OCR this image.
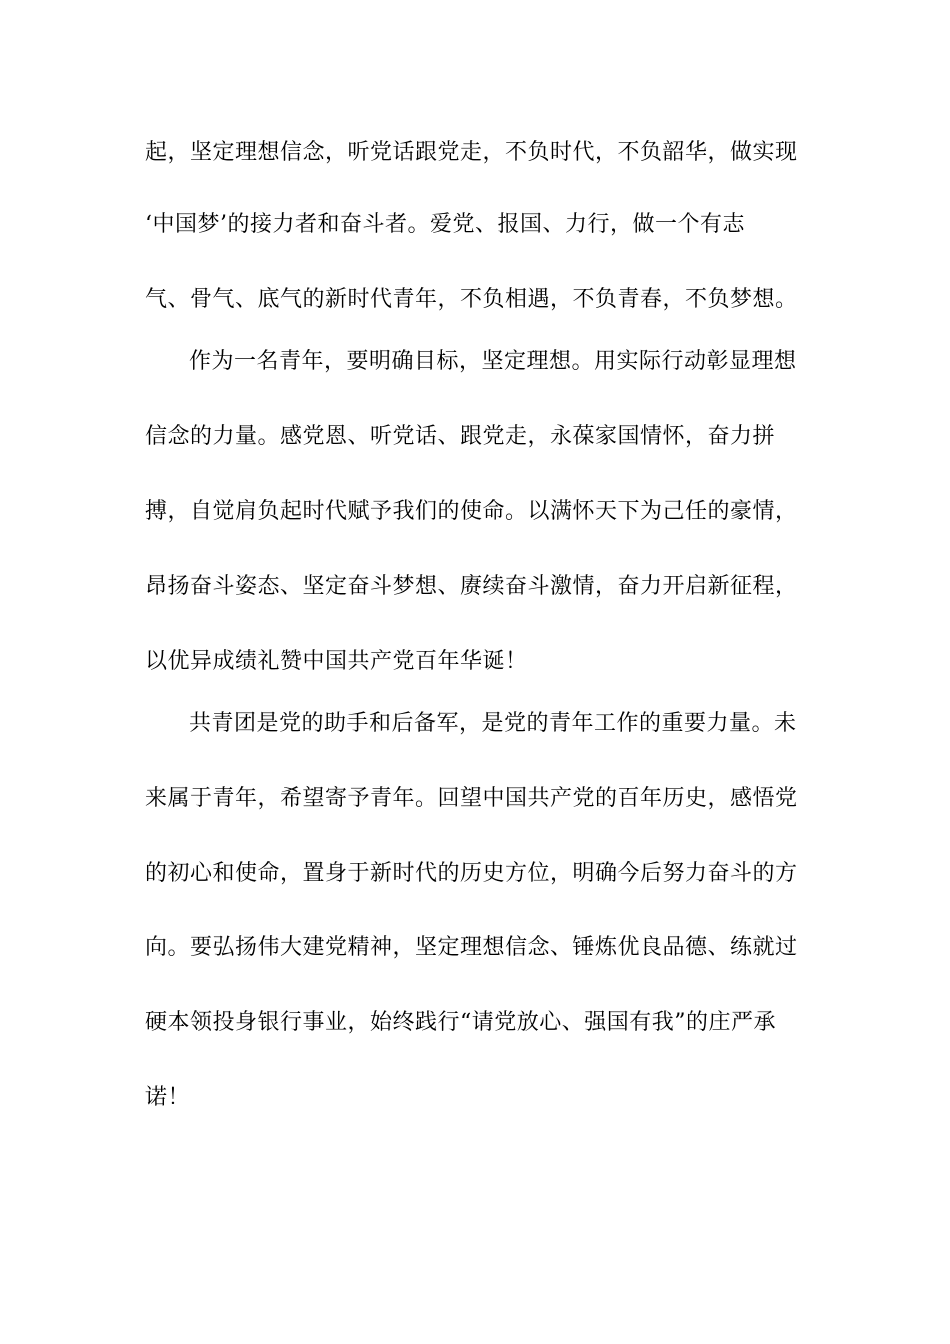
起，坚定理想信念，听党话跟党走，不负时代，不负韶华，做实现
‘中国梦’的接力者和奋斗者。爱党、报国、力行，做一个有志
气、骨气、底气的新时代青年，不负相遇，不负青春，不负梦想。
作为一名青年，要明确目标，坚定理想。用实际行动彰显理想
信念的力量。感党恩、听党话、跟党走，永葆家国情怀，奋力拼
搏，自觉肩负起时代赋予我们的使命。以满怀天下为己任的豪情，
昂扬奋斗姿态、坚定奋斗梦想、赓续奋斗激情，奋力开启新征程，
以优异成绩礼赞中国共产党百年华诞！
共青团是党的助手和后备军，是党的青年工作的重要力量。未
来属于青年，希望寄予青年。回望中国共产党的百年历史，感悟党
的初心和使命，置身于新时代的历史方位，明确今后努力奋斗的方
向。要弘扬伟大建党精神，坚定理想信念、锤炼优良品德、练就过
硬本领投身银行事业，始终践行“请党放心、强国有我”的庄严承
诺！
